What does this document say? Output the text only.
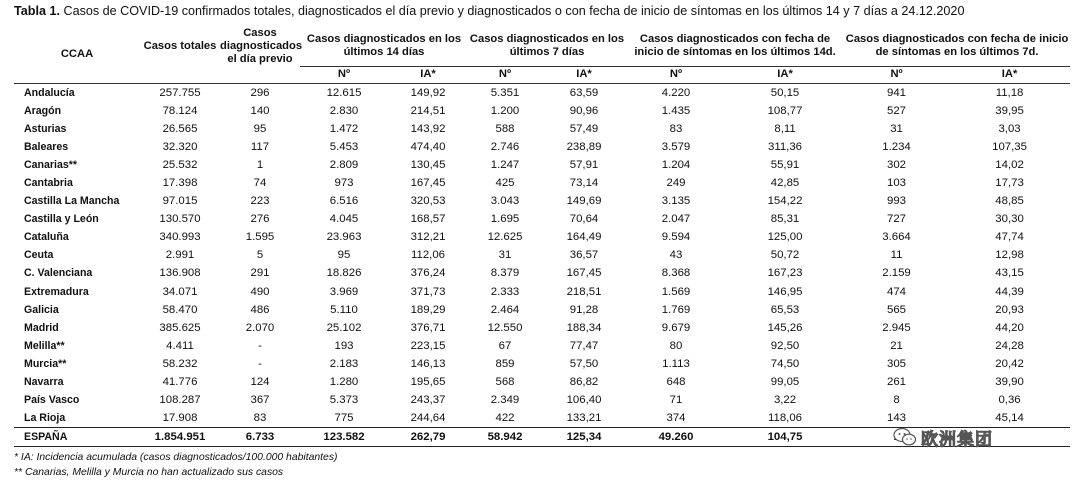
Tabla 1. Casos de COVID-19 confirmados totales, diagnosticados el día previo y diagnosticados o con fecha de inicio de síntomas en los últimos 14 y 7 días a 24.12.2020
CCAA	Casos totales	Casos diagnosticados el día previo	Casos diagnosticados en los últimos 14 días		Casos diagnosticados en los últimos 7 días		Casos diagnosticados con fecha de inicio de síntomas en los últimos 14d.		Casos diagnosticados con fecha de inicio de síntomas en los últimos 7d.	
			Nº	IA*	Nº	IA*	Nº	IA*	Nº	IA*
Andalucía	257.755	296	12.615	149,92	5.351	63,59	4.220	50,15	941	11,18
Aragón	78.124	140	2.830	214,51	1.200	90,96	1.435	108,77	527	39,95
Asturias	26.565	95	1.472	143,92	588	57,49	83	8,11	31	3,03
Baleares	32.320	117	5.453	474,40	2.746	238,89	3.579	311,36	1.234	107,35
Canarias**	25.532	1	2.809	130,45	1.247	57,91	1.204	55,91	302	14,02
Cantabria	17.398	74	973	167,45	425	73,14	249	42,85	103	17,73
Castilla La Mancha	97.015	223	6.516	320,53	3.043	149,69	3.135	154,22	993	48,85
Castilla y León	130.570	276	4.045	168,57	1.695	70,64	2.047	85,31	727	30,30
Cataluña	340.993	1.595	23.963	312,21	12.625	164,49	9.594	125,00	3.664	47,74
Ceuta	2.991	5	95	112,06	31	36,57	43	50,72	11	12,98
C. Valenciana	136.908	291	18.826	376,24	8.379	167,45	8.368	167,23	2.159	43,15
Extremadura	34.071	490	3.969	371,73	2.333	218,51	1.569	146,95	474	44,39
Galicia	58.470	486	5.110	189,29	2.464	91,28	1.769	65,53	565	20,93
Madrid	385.625	2.070	25.102	376,71	12.550	188,34	9.679	145,26	2.945	44,20
Melilla**	4.411	-	193	223,15	67	77,47	80	92,50	21	24,28
Murcia**	58.232	-	2.183	146,13	859	57,50	1.113	74,50	305	20,42
Navarra	41.776	124	1.280	195,65	568	86,82	648	99,05	261	39,90
País Vasco	108.287	367	5.373	243,37	2.349	106,40	71	3,22	8	0,36
La Rioja	17.908	83	775	244,64	422	133,21	374	118,06	143	45,14
ESPAÑA	1.854.951	6.733	123.582	262,79	58.942	125,34	49.260	104,75		
* IA: Incidencia acumulada (casos diagnosticados/100.000 habitantes)
** Canarias, Melilla y Murcia no han actualizado sus casos
欧洲集团
